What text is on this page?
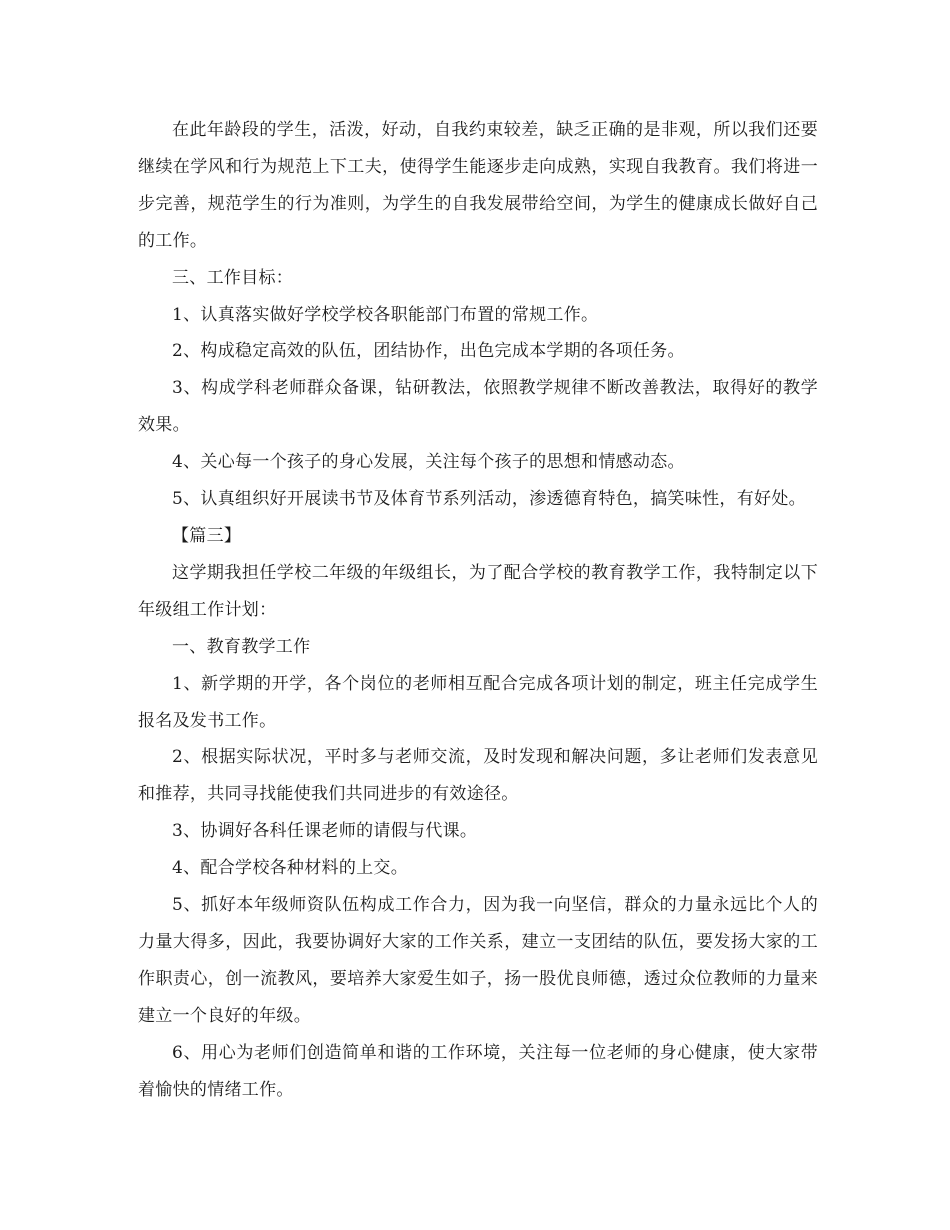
在此年龄段的学生，活泼，好动，自我约束较差，缺乏正确的是非观，所以我们还要继续在学风和行为规范上下工夫，使得学生能逐步走向成熟，实现自我教育。我们将进一步完善，规范学生的行为准则，为学生的自我发展带给空间，为学生的健康成长做好自己的工作。

三、工作目标：

1、认真落实做好学校学校各职能部门布置的常规工作。

2、构成稳定高效的队伍，团结协作，出色完成本学期的各项任务。

3、构成学科老师群众备课，钻研教法，依照教学规律不断改善教法，取得好的教学效果。

4、关心每一个孩子的身心发展，关注每个孩子的思想和情感动态。

5、认真组织好开展读书节及体育节系列活动，渗透德育特色，搞笑味性，有好处。

【篇三】

这学期我担任学校二年级的年级组长，为了配合学校的教育教学工作，我特制定以下年级组工作计划：

一、教育教学工作

1、新学期的开学，各个岗位的老师相互配合完成各项计划的制定，班主任完成学生报名及发书工作。

2、根据实际状况，平时多与老师交流，及时发现和解决问题，多让老师们发表意见和推荐，共同寻找能使我们共同进步的有效途径。

3、协调好各科任课老师的请假与代课。

4、配合学校各种材料的上交。

5、抓好本年级师资队伍构成工作合力，因为我一向坚信，群众的力量永远比个人的力量大得多，因此，我要协调好大家的工作关系，建立一支团结的队伍，要发扬大家的工作职责心，创一流教风，要培养大家爱生如子，扬一股优良师德，透过众位教师的力量来建立一个良好的年级。

6、用心为老师们创造简单和谐的工作环境，关注每一位老师的身心健康，使大家带着愉快的情绪工作。
